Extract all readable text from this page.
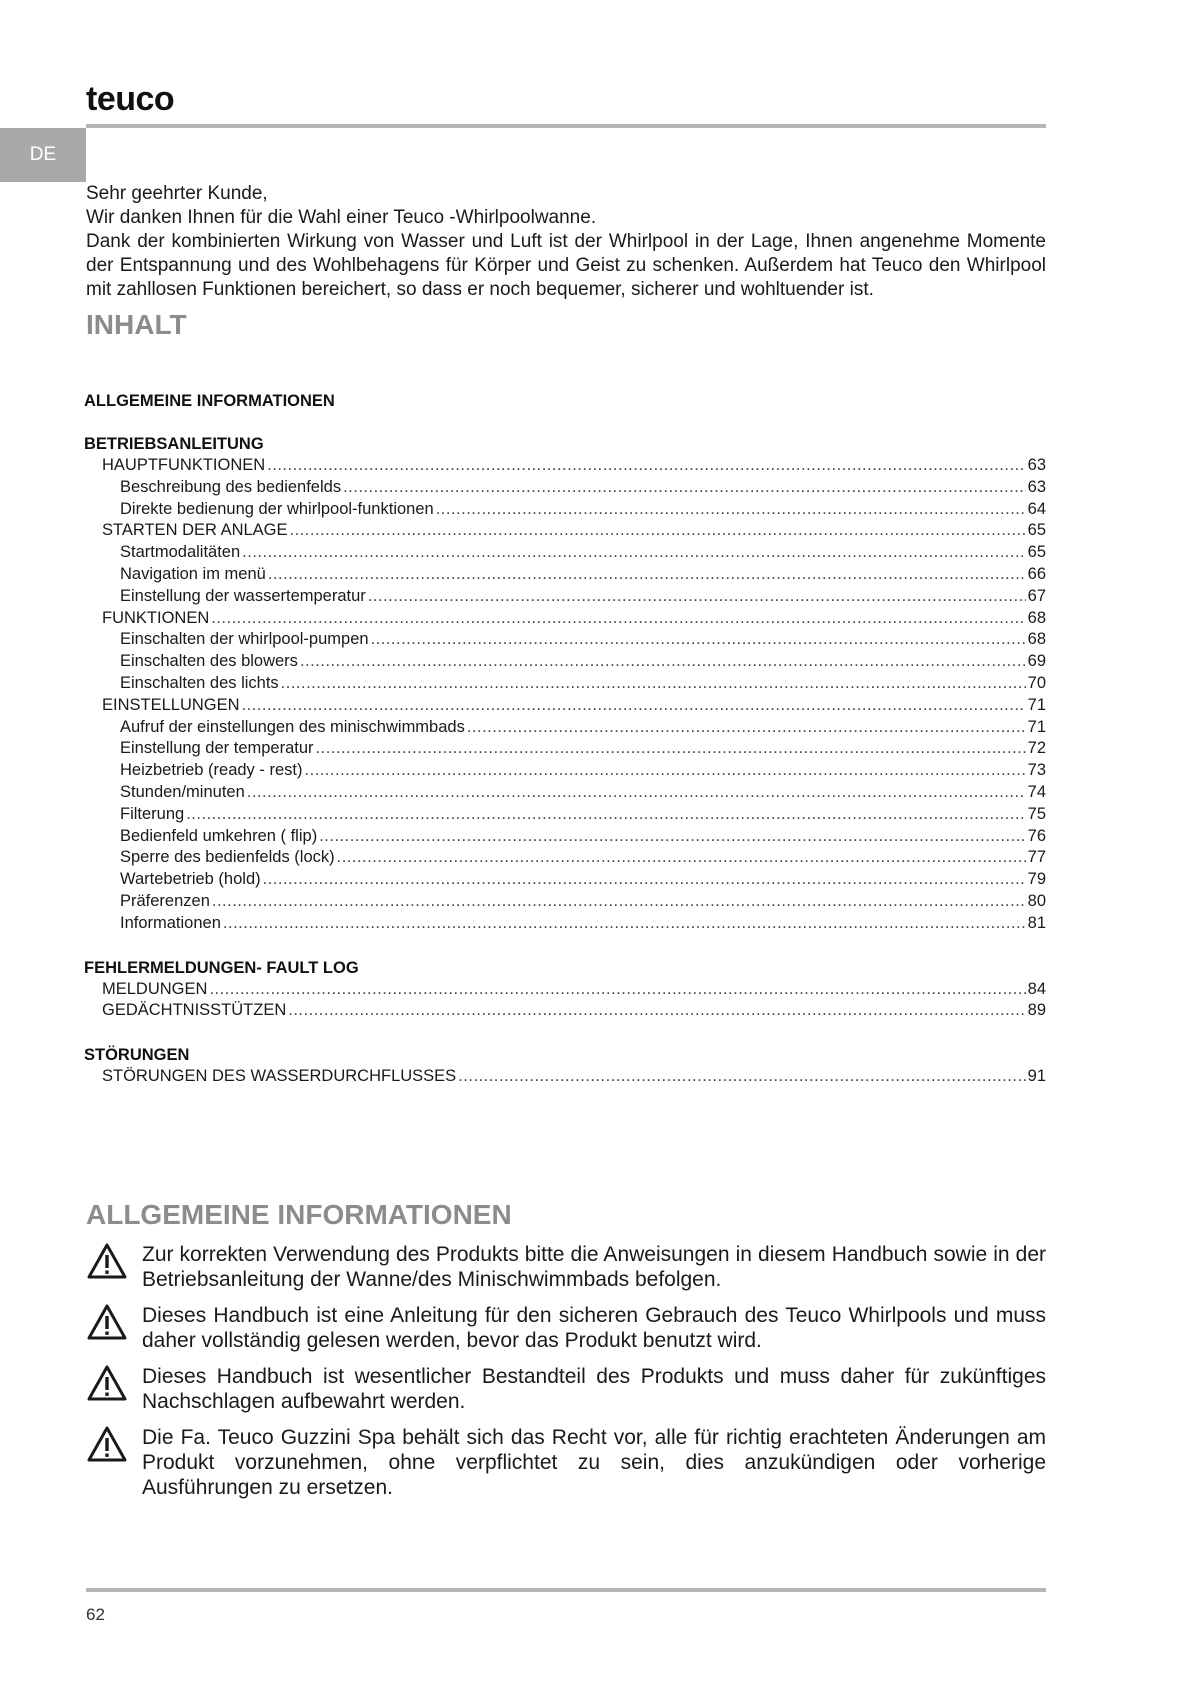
teuco
DE

Sehr geehrter Kunde,

Wir danken Ihnen für die Wahl einer Teuco -Whirlpoolwanne.

Dank der kombinierten Wirkung von Wasser und Luft ist der Whirlpool in der Lage, Ihnen angenehme Momente der Entspannung und des Wohlbehagens für Körper und Geist zu schenken. Außerdem hat Teuco den Whirlpool mit zahllosen Funktionen bereichert, so dass er noch bequemer, sicherer und wohltuender ist.

INHALT
ALLGEMEINE INFORMATIONEN
BETRIEBSANLEITUNG
HAUPTFUNKTIONEN .....	63
Beschreibung des bedienfelds .....	63
Direkte bedienung der whirlpool-funktionen .....	64
STARTEN DER ANLAGE .....	65
Startmodalitäten .....	65
Navigation im menü .....	66
Einstellung der wassertemperatur .....	67
FUNKTIONEN .....	68
Einschalten der whirlpool-pumpen .....	68
Einschalten des blowers .....	69
Einschalten des lichts .....	70
EINSTELLUNGEN .....	71
Aufruf der einstellungen des minischwimmbads .....	71
Einstellung der temperatur .....	72
Heizbetrieb (ready - rest) .....	73
Stunden/minuten .....	74
Filterung .....	75
Bedienfeld umkehren ( flip) .....	76
Sperre des bedienfelds (lock) .....	77
Wartebetrieb (hold) .....	79
Präferenzen .....	80
Informationen .....	81
FEHLERMELDUNGEN- FAULT LOG
MELDUNGEN .....	84
GEDÄCHTNISSTÜTZEN .....	89
STÖRUNGEN
STÖRUNGEN DES WASSERDURCHFLUSSES .....	91
ALLGEMEINE INFORMATIONEN
Zur korrekten Verwendung des Produkts bitte die Anweisungen in diesem Handbuch sowie in der Betriebsanleitung der Wanne/des Minischwimmbads befolgen.
Dieses Handbuch ist eine Anleitung für den sicheren Gebrauch des Teuco Whirlpools und muss daher vollständig gelesen werden, bevor das Produkt benutzt wird.
Dieses Handbuch ist wesentlicher Bestandteil des Produkts und muss daher für zukünftiges Nachschlagen aufbewahrt werden.
Die Fa. Teuco Guzzini Spa behält sich das Recht vor, alle für richtig erachteten Änderungen am Produkt vorzunehmen, ohne verpflichtet zu sein, dies anzukündigen oder vorherige Ausführungen zu ersetzen.
62
